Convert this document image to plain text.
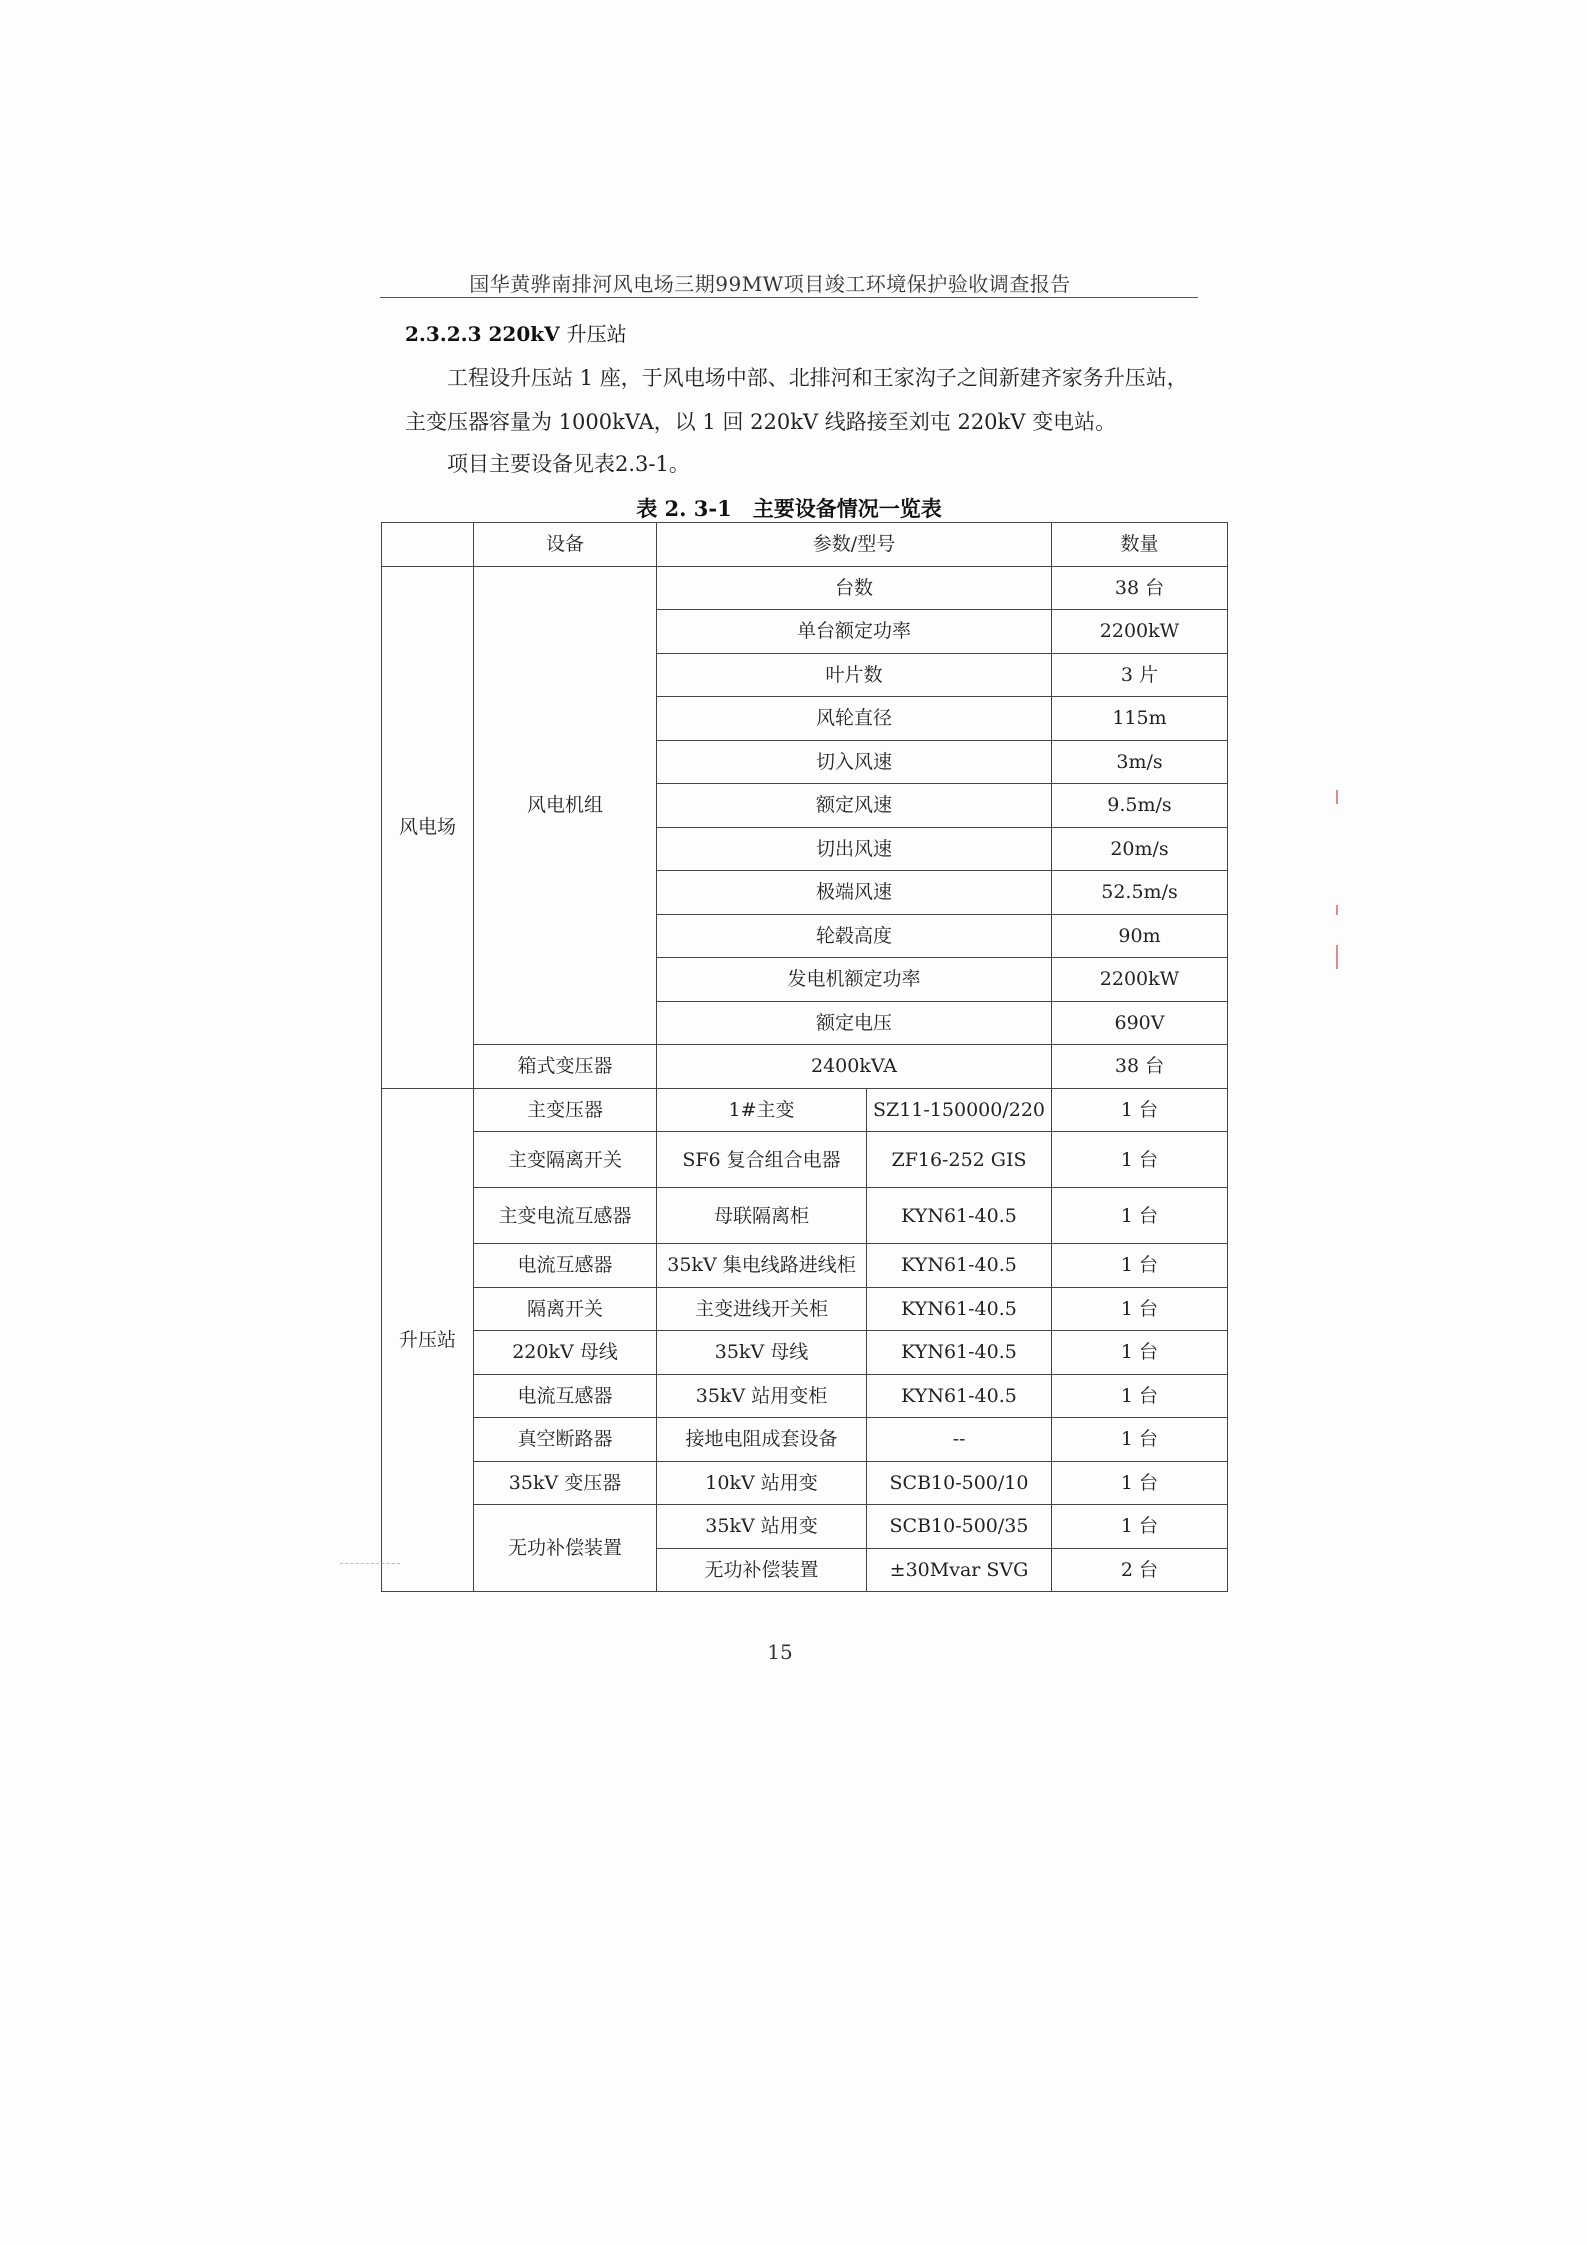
国华黄骅南排河风电场三期99MW项目竣工环境保护验收调查报告
2.3.2.3 220kV 升压站
工程设升压站 1 座，于风电场中部、北排河和王家沟子之间新建齐家务升压站，主变压器容量为 1000kVA，以 1 回 220kV 线路接至刘屯 220kV 变电站。
项目主要设备见表2.3-1。
表 2. 3-1　主要设备情况一览表
	设备	参数/型号		数量
风电场	风电机组	台数		38 台
		单台额定功率		2200kW
		叶片数		3 片
		风轮直径		115m
		切入风速		3m/s
		额定风速		9.5m/s
		切出风速		20m/s
		极端风速		52.5m/s
		轮毂高度		90m
		发电机额定功率		2200kW
		额定电压		690V
	箱式变压器	2400kVA		38 台
升压站	主变压器	1#主变	SZ11-150000/220	1 台
	主变隔离开关	SF6 复合组合电器	ZF16-252 GIS	1 台
	主变电流互感器	母联隔离柜	KYN61-40.5	1 台
	电流互感器	35kV 集电线路进线柜	KYN61-40.5	1 台
	隔离开关	主变进线开关柜	KYN61-40.5	1 台
	220kV 母线	35kV 母线	KYN61-40.5	1 台
	电流互感器	35kV 站用变柜	KYN61-40.5	1 台
	真空断路器	接地电阻成套设备	--	1 台
	35kV 变压器	10kV 站用变	SCB10-500/10	1 台
	无功补偿装置	35kV 站用变	SCB10-500/35	1 台
		无功补偿装置	±30Mvar SVG	2 台
15
